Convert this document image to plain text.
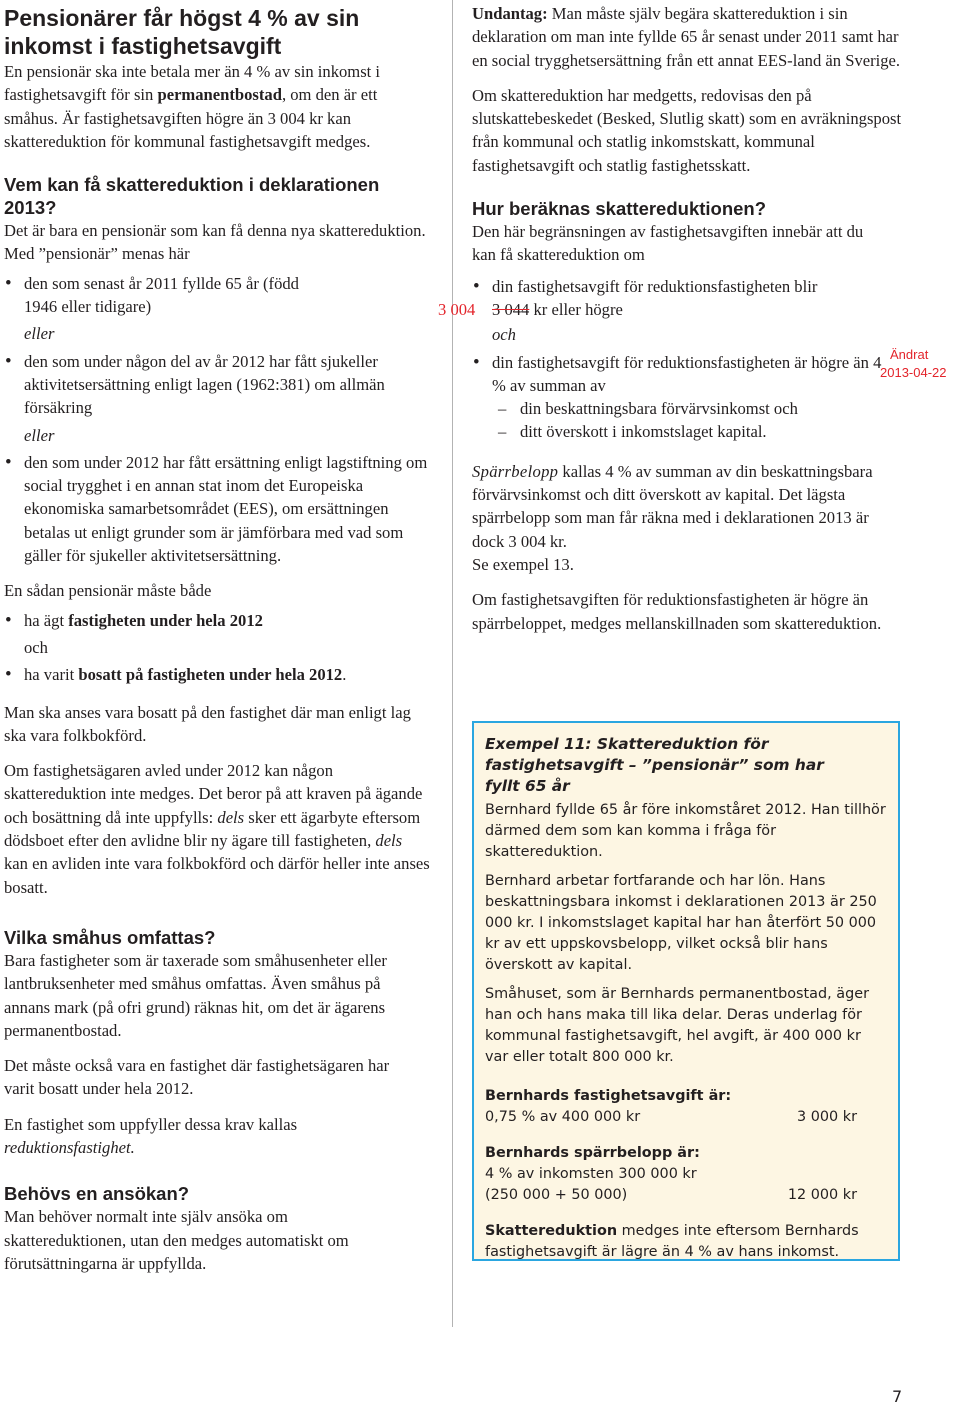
Pensionärer får högst 4 % av sin inkomst i fastighetsavgift

En pensionär ska inte betala mer än 4 % av sin inkomst i fastighetsavgift för sin permanentbostad, om den är ett småhus. Är fastighetsavgiften högre än 3 004 kr kan skattereduktion för kommunal fastighetsavgift medges.

Vem kan få skattereduktion i deklarationen 2013?

Det är bara en pensionär som kan få denna nya skattereduktion. Med ”pensionär” menas här

• den som senast år 2011 fyllde 65 år (född 1946 eller tidigare)
eller
• den som under någon del av år 2012 har fått sjukeller aktivitetsersättning enligt lagen (1962:381) om allmän försäkring
eller
• den som under 2012 har fått ersättning enligt lagstiftning om social trygghet i en annan stat inom det Europeiska ekonomiska samarbetsområdet (EES), om ersättningen betalas ut enligt grunder som är jämförbara med vad som gäller för sjukeller aktivitetsersättning.

En sådan pensionär måste både

• ha ägt fastigheten under hela 2012
och
• ha varit bosatt på fastigheten under hela 2012.

Man ska anses vara bosatt på den fastighet där man enligt lag ska vara folkbokförd.

Om fastighetsägaren avled under 2012 kan någon skattereduktion inte medges. Det beror på att kraven på ägande och bosättning då inte uppfylls: dels sker ett ägarbyte eftersom dödsboet efter den avlidne blir ny ägare till fastigheten, dels kan en avliden inte vara folkbokförd och därför heller inte anses bosatt.

Vilka småhus omfattas?

Bara fastigheter som är taxerade som småhusenheter eller lantbruksenheter med småhus omfattas. Även småhus på annans mark (på ofri grund) räknas hit, om det är ägarens permanentbostad.

Det måste också vara en fastighet där fastighetsägaren har varit bosatt under hela 2012.

En fastighet som uppfyller dessa krav kallas reduktionsfastighet.

Behövs en ansökan?

Man behöver normalt inte själv ansöka om skattereduktionen, utan den medges automatiskt om förutsättningarna är uppfyllda.

Undantag: Man måste själv begära skattereduktion i sin deklaration om man inte fyllde 65 år senast under 2011 samt har en social trygghetsersättning från ett annat EES-land än Sverige.

Om skattereduktion har medgetts, redovisas den på slutskattebeskedet (Besked, Slutlig skatt) som en avräkningspost från kommunal och statlig inkomstskatt, kommunal fastighetsavgift och statlig fastighetsskatt.

Hur beräknas skattereduktionen?

Den här begränsningen av fastighetsavgiften innebär att du kan få skattereduktion om

• din fastighetsavgift för reduktionsfastigheten blir

3 004 3 044 kr eller högre
och
• din fastighetsavgift för reduktionsfastigheten är högre än 4 % av summan av
– din beskattningsbara förvärvsinkomst och
– ditt överskott i inkomstslaget kapital.

Spärrbelopp kallas 4 % av summan av din beskattningsbara förvärvsinkomst och ditt överskott av kapital. Det lägsta spärrbelopp som man får räkna med i deklarationen 2013 är dock 3 004 kr.

Se exempel 13.

Om fastighetsavgiften för reduktionsfastigheten är högre än spärrbeloppet, medges mellanskillnaden som skattereduktion.

Ändrat
2013-04-22
Exempel 11: Skattereduktion för fastighetsavgift – ”pensionär” som har fyllt 65 år

Bernhard fyllde 65 år före inkomståret 2012. Han tillhör därmed dem som kan komma i fråga för skattereduktion.

Bernhard arbetar fortfarande och har lön. Hans beskattningsbara inkomst i deklarationen 2013 är 250 000 kr. I inkomstslaget kapital har han återfört 50 000 kr av ett uppskovsbelopp, vilket också blir hans överskott av kapital.

Småhuset, som är Bernhards permanentbostad, äger han och hans maka till lika delar. Deras underlag för kommunal fastighetsavgift, hel avgift, är 400 000 kr var eller totalt 800 000 kr.

Bernhards fastighetsavgift är:
0,75 % av 400 000 kr	3 000 kr
Bernhards spärrbelopp är:
4 % av inkomsten 300 000 kr
(250 000 + 50 000)	12 000 kr

Skattereduktion medges inte eftersom Bernhards fastighetsavgift är lägre än 4 % av hans inkomst.

7
